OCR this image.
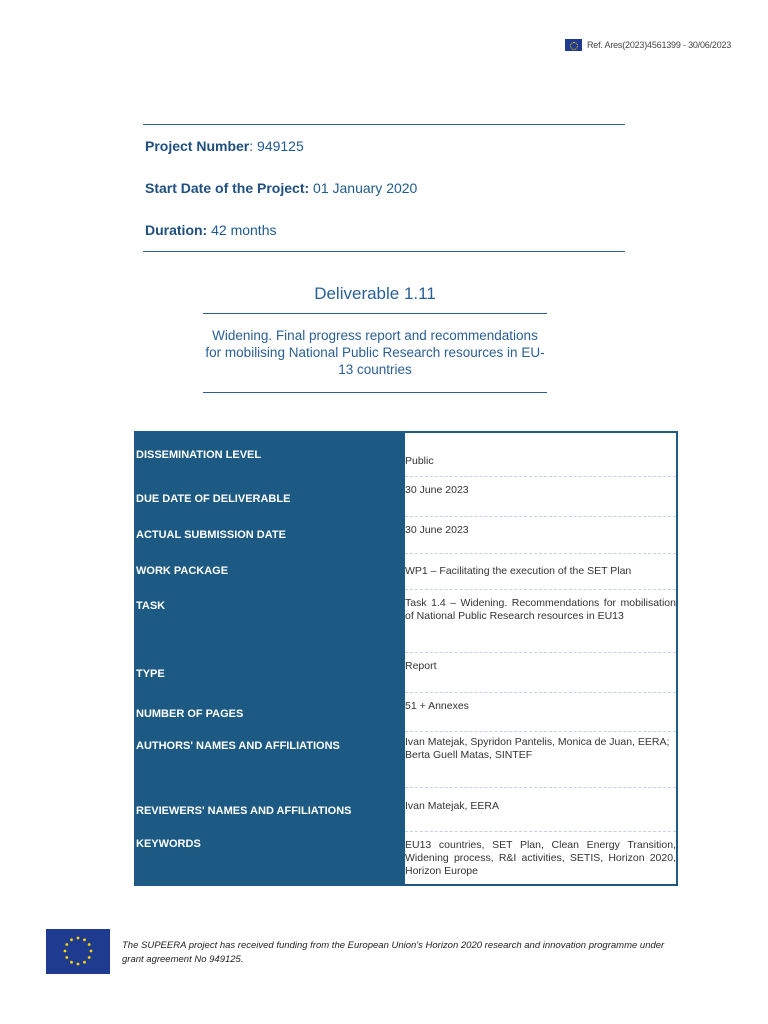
Ref. Ares(2023)4561399 - 30/06/2023
Project Number: 949125
Start Date of the Project: 01 January 2020
Duration: 42 months
Deliverable 1.11
Widening. Final progress report and recommendations for mobilising National Public Research resources in EU-13 countries
DISSEMINATION LEVEL	Public
DUE DATE OF DELIVERABLE	30 June 2023
ACTUAL SUBMISSION DATE	30 June 2023
WORK PACKAGE	WP1 – Facilitating the execution of the SET Plan
TASK	Task 1.4 – Widening. Recommendations for mobilisation of National Public Research resources in EU13
TYPE	Report
NUMBER OF PAGES	51 + Annexes
AUTHORS' NAMES AND AFFILIATIONS	Ivan Matejak, Spyridon Pantelis, Monica de Juan, EERA;
Berta Guell Matas, SINTEF

REVIEWERS' NAMES AND AFFILIATIONS	Ivan Matejak, EERA
KEYWORDS	EU13 countries, SET Plan, Clean Energy Transition, Widening process, R&I activities, SETIS, Horizon 2020, Horizon Europe
The SUPEERA project has received funding from the European Union's Horizon 2020 research and innovation programme under grant agreement No 949125.
